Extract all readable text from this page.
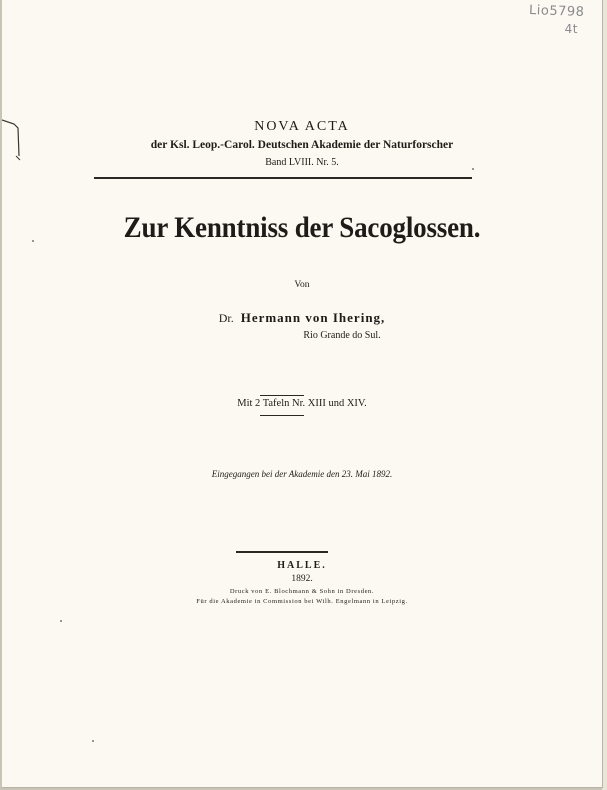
Lio5798
4t
NOVA ACTA
der Ksl. Leop.-Carol. Deutschen Akademie der Naturforscher
Band LVIII. Nr. 5.
Zur Kenntniss der Sacoglossen.
Von
Dr. Hermann von Ihering,
Rio Grande do Sul.
Mit 2 Tafeln Nr. XIII und XIV.
Eingegangen bei der Akademie den 23. Mai 1892.
HALLE.
1892.
Druck von E. Blochmann & Sohn in Dresden.
Für die Akademie in Commission bei Wilh. Engelmann in Leipzig.
